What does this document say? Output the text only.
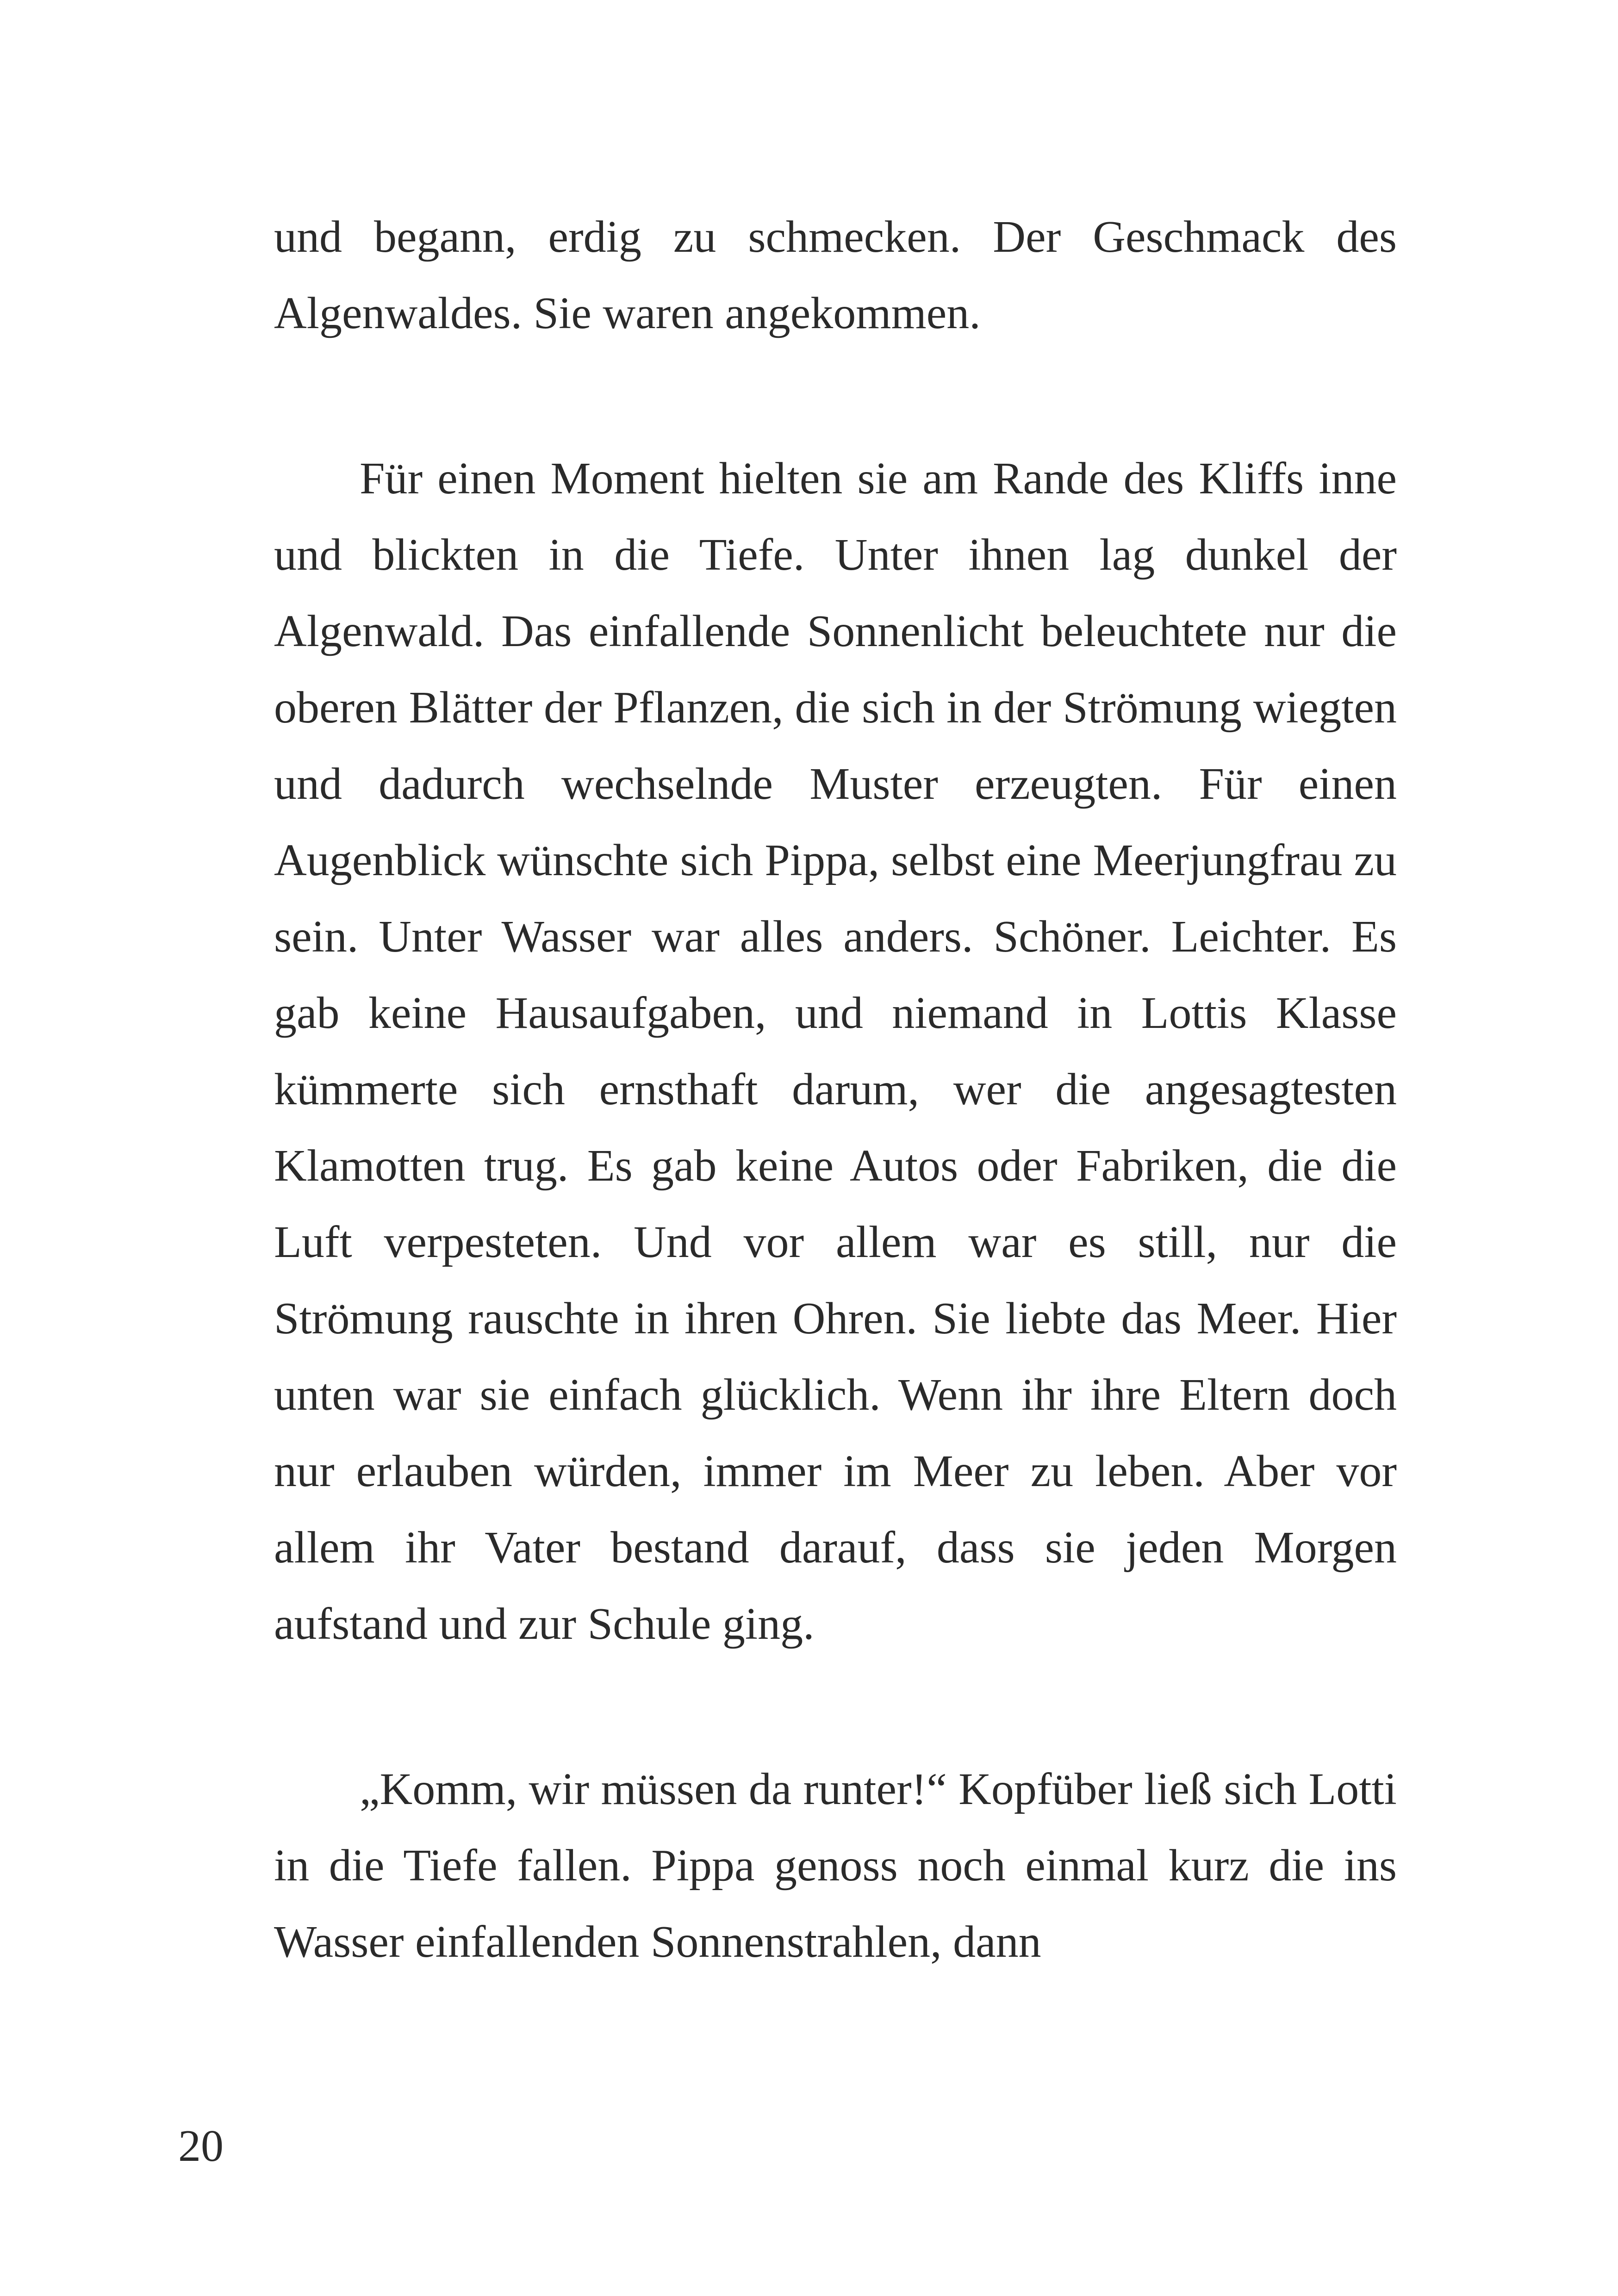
und begann, erdig zu schmecken. Der Geschmack des Algenwaldes. Sie waren angekommen.

Für einen Moment hielten sie am Rande des Kliffs inne und blickten in die Tiefe. Unter ihnen lag dunkel der Algenwald. Das einfallende Sonnenlicht beleuchtete nur die oberen Blätter der Pflanzen, die sich in der Strömung wiegten und dadurch wechselnde Muster erzeugten. Für einen Augenblick wünschte sich Pippa, selbst eine Meerjungfrau zu sein. Unter Wasser war alles anders. Schöner. Leichter. Es gab keine Hausaufgaben, und niemand in Lottis Klasse kümmerte sich ernsthaft darum, wer die angesagtesten Klamotten trug. Es gab keine Autos oder Fabriken, die die Luft verpesteten. Und vor allem war es still, nur die Strömung rauschte in ihren Ohren. Sie liebte das Meer. Hier unten war sie einfach glücklich. Wenn ihr ihre Eltern doch nur erlauben würden, immer im Meer zu leben. Aber vor allem ihr Vater bestand darauf, dass sie jeden Morgen aufstand und zur Schule ging.

„Komm, wir müssen da runter!“ Kopfüber ließ sich Lotti in die Tiefe fallen. Pippa genoss noch einmal kurz die ins Wasser einfallenden Sonnenstrahlen, dann

20
